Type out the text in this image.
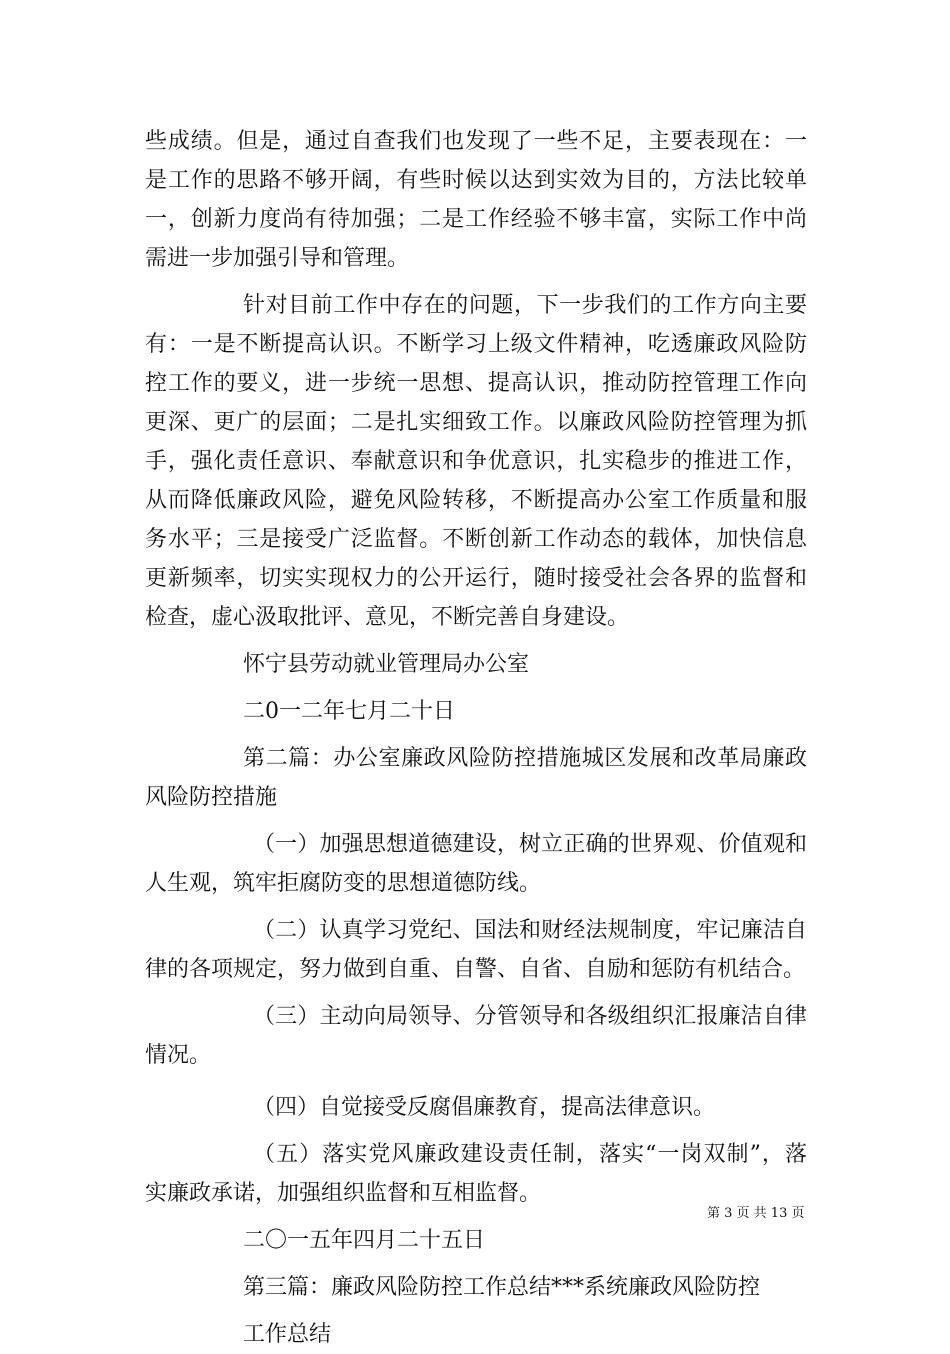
些成绩。但是，通过自查我们也发现了一些不足，主要表现在：一
是工作的思路不够开阔，有些时候以达到实效为目的，方法比较单
一，创新力度尚有待加强；二是工作经验不够丰富，实际工作中尚
需进一步加强引导和管理。
针对目前工作中存在的问题，下一步我们的工作方向主要
有：一是不断提高认识。不断学习上级文件精神，吃透廉政风险防
控工作的要义，进一步统一思想、提高认识，推动防控管理工作向
更深、更广的层面；二是扎实细致工作。以廉政风险防控管理为抓
手，强化责任意识、奉献意识和争优意识，扎实稳步的推进工作，
从而降低廉政风险，避免风险转移，不断提高办公室工作质量和服
务水平；三是接受广泛监督。不断创新工作动态的载体，加快信息
更新频率，切实实现权力的公开运行，随时接受社会各界的监督和
检查，虚心汲取批评、意见，不断完善自身建设。
怀宁县劳动就业管理局办公室
二0一二年七月二十日
第二篇：办公室廉政风险防控措施城区发展和改革局廉政
风险防控措施
（一）加强思想道德建设，树立正确的世界观、价值观和
人生观，筑牢拒腐防变的思想道德防线。
（二）认真学习党纪、国法和财经法规制度，牢记廉洁自
律的各项规定，努力做到自重、自警、自省、自励和惩防有机结合。
（三）主动向局领导、分管领导和各级组织汇报廉洁自律
情况。
（四）自觉接受反腐倡廉教育，提高法律意识。
（五）落实党风廉政建设责任制，落实“一岗双制”，落
实廉政承诺，加强组织监督和互相监督。
二〇一五年四月二十五日
第三篇：廉政风险防控工作总结***系统廉政风险防控
工作总结
第 3 页 共 13 页
